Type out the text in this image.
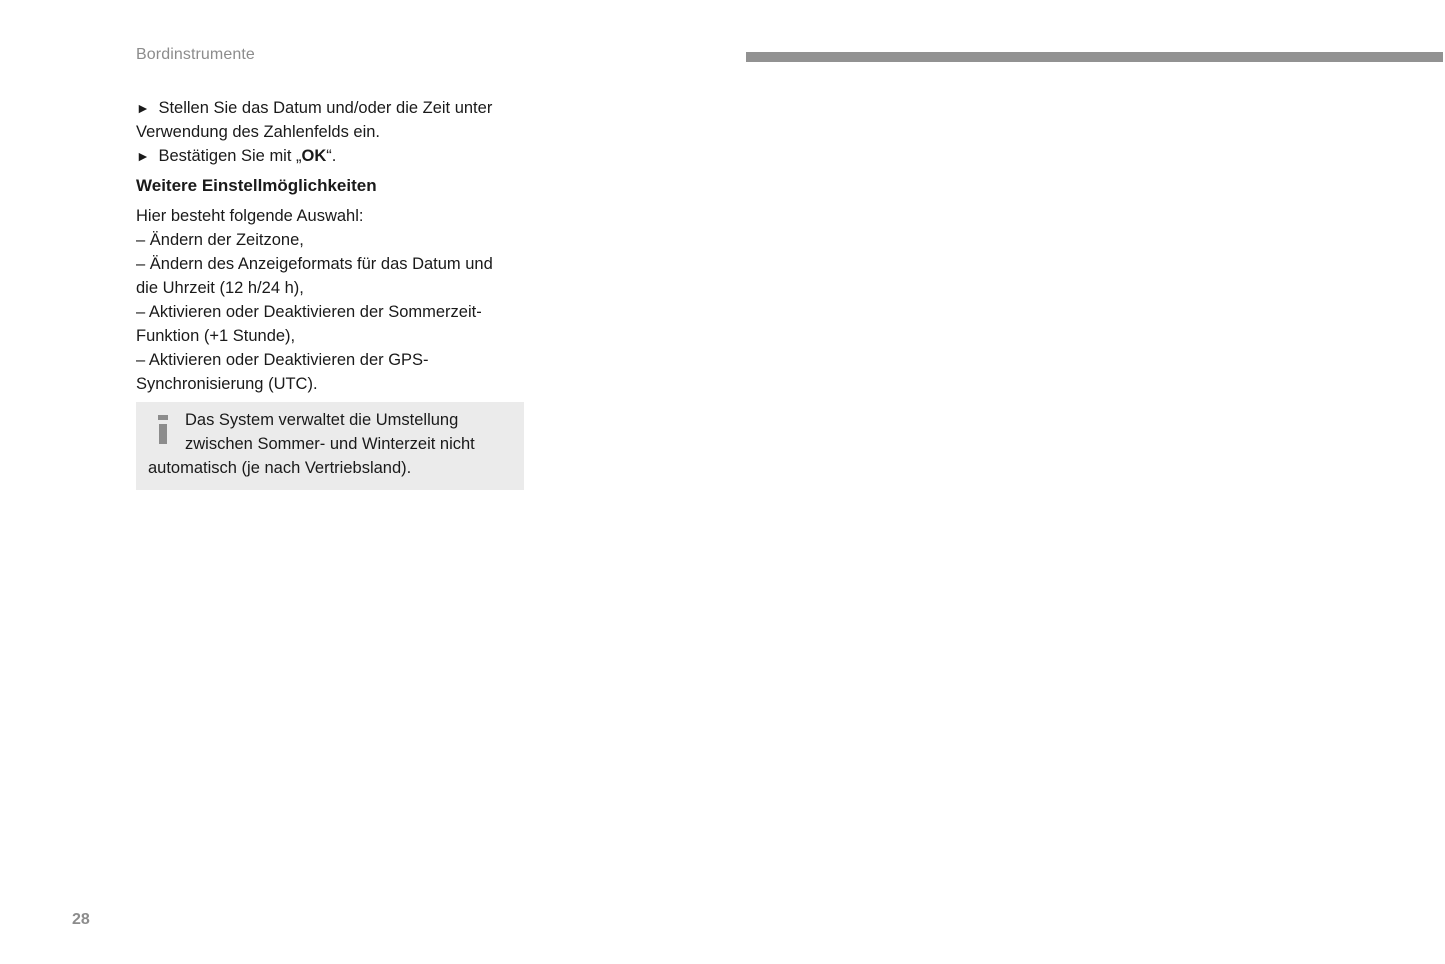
Bordinstrumente
► Stellen Sie das Datum und/oder die Zeit unter
Verwendung des Zahlenfelds ein.
► Bestätigen Sie mit „OK“.
Weitere Einstellmöglichkeiten
Hier besteht folgende Auswahl:
– Ändern der Zeitzone,
– Ändern des Anzeigeformats für das Datum und
die Uhrzeit (12 h/24 h),
– Aktivieren oder Deaktivieren der Sommerzeit-
Funktion (+1 Stunde),
– Aktivieren oder Deaktivieren der GPS-
Synchronisierung (UTC).
Das System verwaltet die Umstellung
zwischen Sommer- und Winterzeit nicht
automatisch (je nach Vertriebsland).
28
